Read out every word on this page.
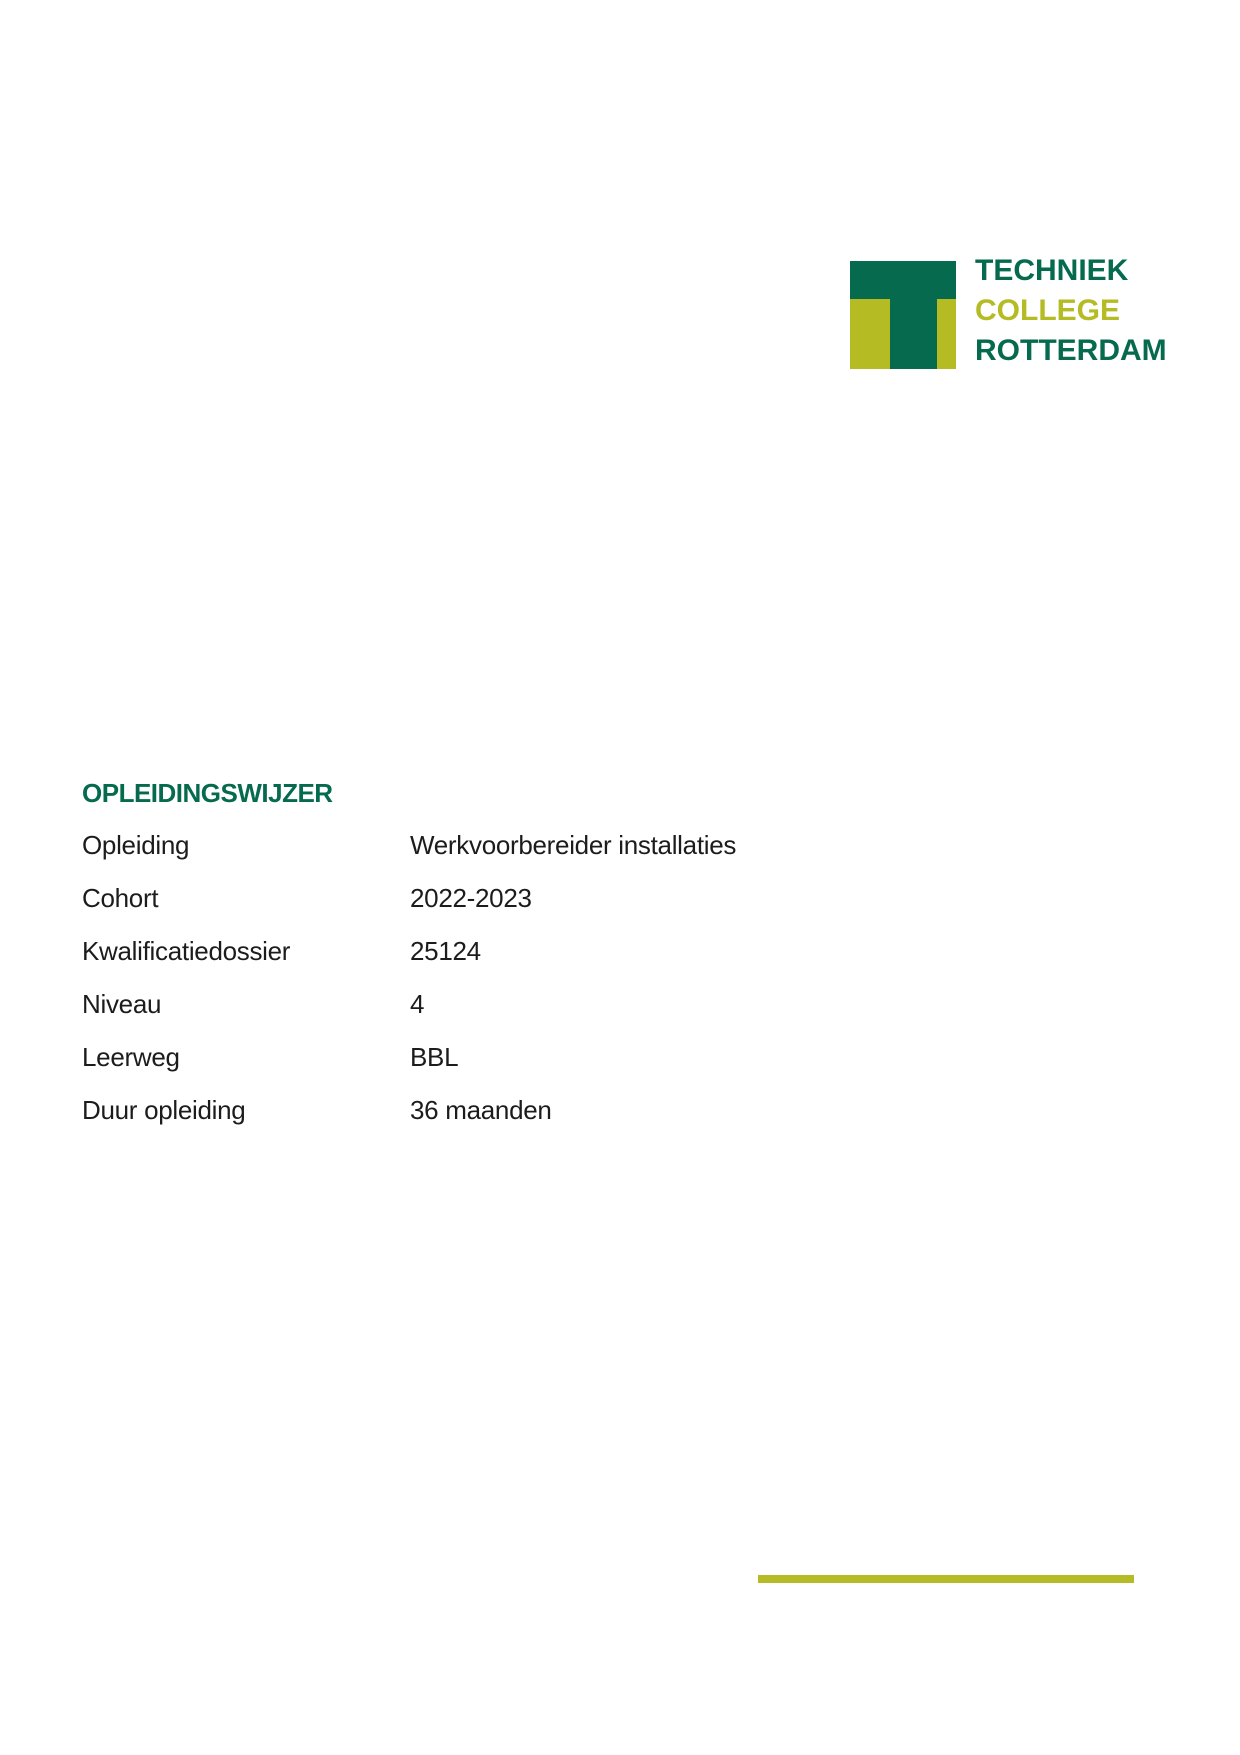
TECHNIEK
COLLEGE
ROTTERDAM
OPLEIDINGSWIJZER
Opleiding	Werkvoorbereider installaties
Cohort	2022-2023
Kwalificatiedossier	25124
Niveau	4
Leerweg	BBL
Duur opleiding	36 maanden
